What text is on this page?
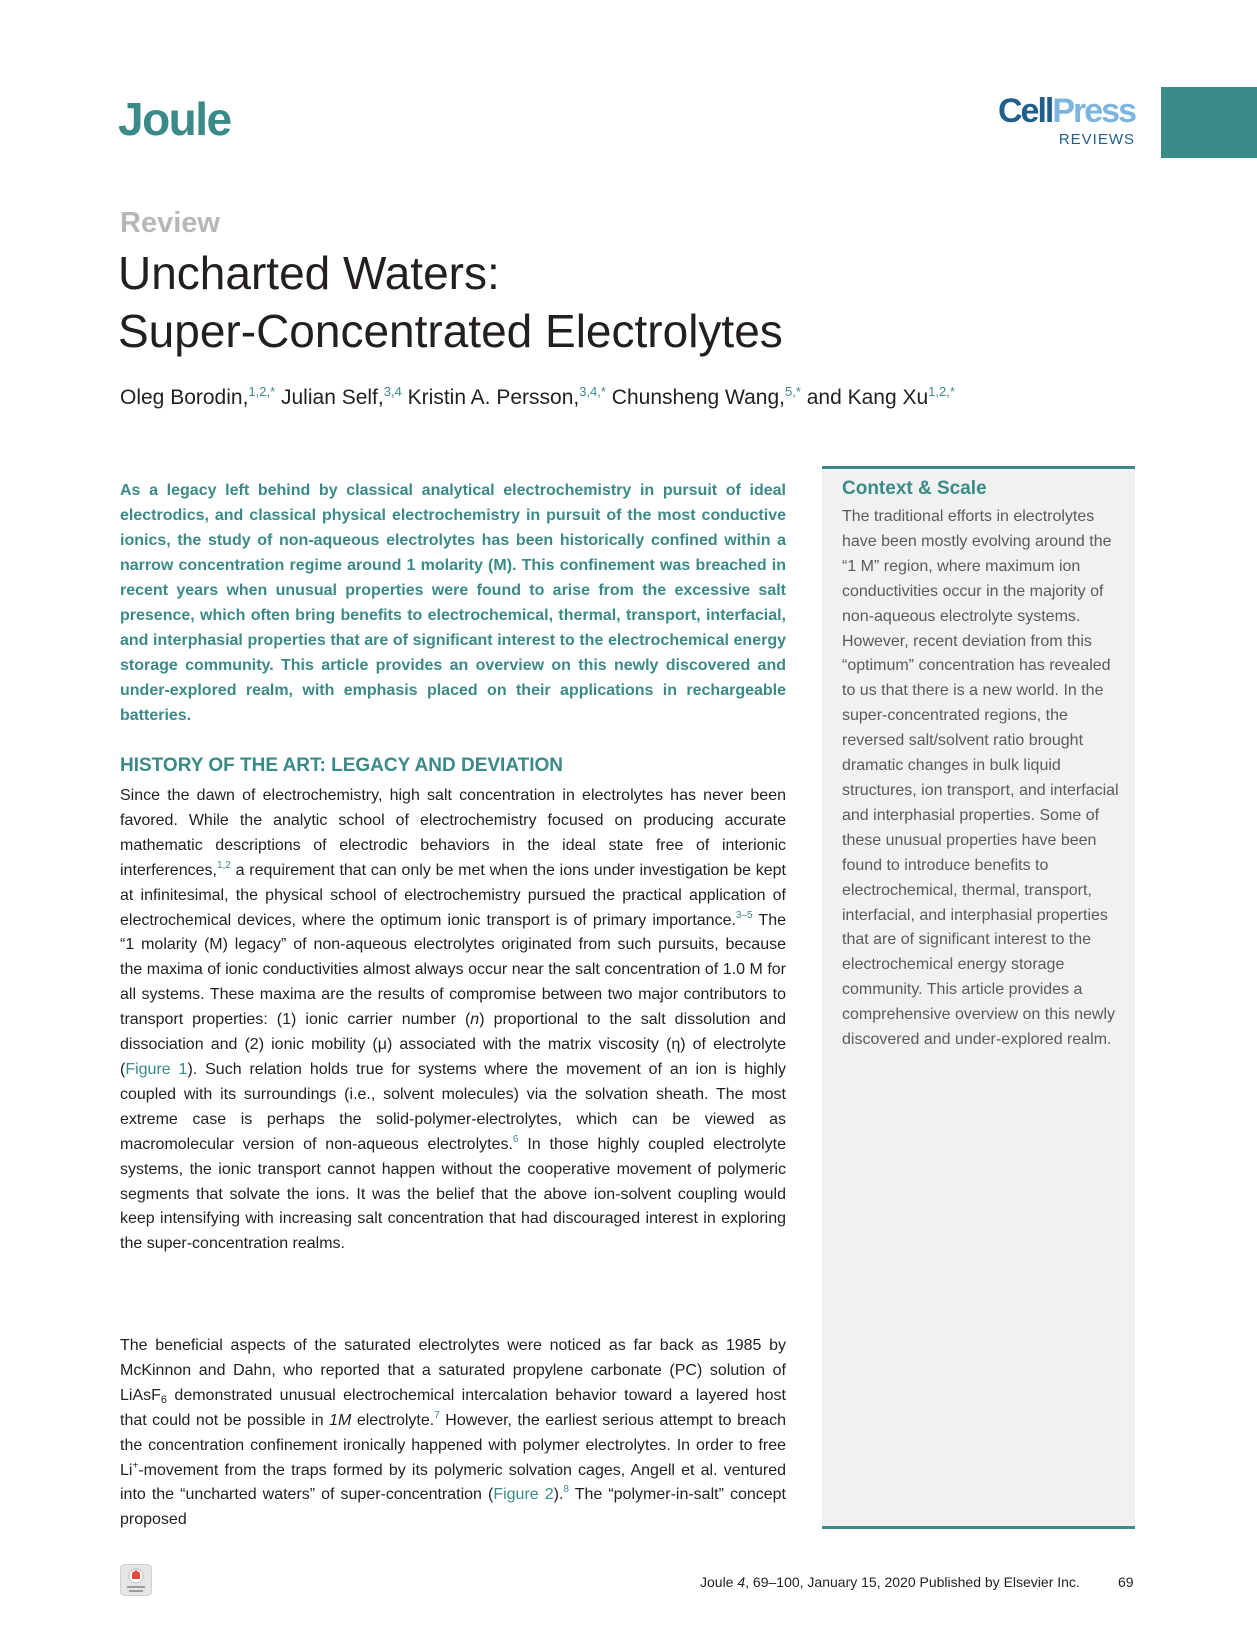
Joule	CellPress
REVIEWS
Review
Uncharted Waters:
Super-Concentrated Electrolytes
Oleg Borodin,$^{1,2,*}$ Julian Self,$^{3,4}$ Kristin A. Persson,$^{3,4,*}$ Chunsheng Wang,$^{5,*}$ and Kang $Xu^{1,2,*}$
As a legacy left behind by classical analytical electrochemistry in pursuit of ideal electrodics, and classical physical electrochemistry in pursuit of the most conductive ionics, the study of non-aqueous electrolytes has been historically confined within a narrow concentration regime around 1 molarity (M). This confinement was breached in recent years when unusual properties were found to arise from the excessive salt presence, which often bring benefits to electrochemical, thermal, transport, interfacial, and interphasial properties that are of significant interest to the electrochemical energy storage community. This article provides an overview on this newly discovered and under-explored realm, with emphasis placed on their applications in rechargeable batteries.
HISTORY OF THE ART: LEGACY AND DEVIATION
Since the dawn of electrochemistry, high salt concentration in electrolytes has never been favored. While the analytic school of electrochemistry focused on producing accurate mathematic descriptions of electrodic behaviors in the ideal state free of interionic interferences,$^{1,2}$ a requirement that can only be met when the ions under investigation be kept at infinitesimal, the physical school of electrochemistry pursued the practical application of electrochemical devices, where the optimum ionic transport is of primary importance.$^{3-5}$ The “1 molarity (M) legacy” of non-aqueous electrolytes originated from such pursuits, because the maxima of ionic conductivities almost always occur near the salt concentration of 1.0 M for all systems. These maxima are the results of compromise between two major contributors to transport properties: (1) ionic carrier number (n) proportional to the salt dissolution and dissociation and (2) ionic mobility (μ) associated with the matrix viscosity (η) of electrolyte (Figure 1). Such relation holds true for systems where the movement of an ion is highly coupled with its surroundings (i.e., solvent molecules) via the solvation sheath. The most extreme case is perhaps the solid-polymer-electrolytes, which can be viewed as macromolecular version of non-aqueous electrolytes.$^6$ In those highly coupled electrolyte systems, the ionic transport cannot happen without the cooperative movement of polymeric segments that solvate the ions. It was the belief that the above ion-solvent coupling would keep intensifying with increasing salt concentration that had discouraged interest in exploring the super-concentration realms.
The beneficial aspects of the saturated electrolytes were noticed as far back as 1985 by McKinnon and Dahn, who reported that a saturated propylene carbonate (PC) solution of LiAsF$_6$ demonstrated unusual electrochemical intercalation behavior toward a layered host that could not be possible in 1M electrolyte.$^7$ However, the earliest serious attempt to breach the concentration confinement ironically happened with polymer electrolytes. In order to free Li+-movement from the traps formed by its polymeric solvation cages, Angell et al. ventured into the “uncharted waters” of super-concentration (Figure 2).$^8$ The “polymer-in-salt” concept proposed
Context & Scale
The traditional efforts in electrolytes have been mostly evolving around the “1 M” region, where maximum ion conductivities occur in the majority of non-aqueous electrolyte systems. However, recent deviation from this “optimum” concentration has revealed to us that there is a new world. In the super-concentrated regions, the reversed salt/solvent ratio brought dramatic changes in bulk liquid structures, ion transport, and interfacial and interphasial properties. Some of these unusual properties have been found to introduce benefits to electrochemical, thermal, transport, interfacial, and interphasial properties that are of significant interest to the electrochemical energy storage community. This article provides a comprehensive overview on this newly discovered and under-explored realm.
Joule 4, 69–100, January 15, 2020 Published by Elsevier Inc.	69
